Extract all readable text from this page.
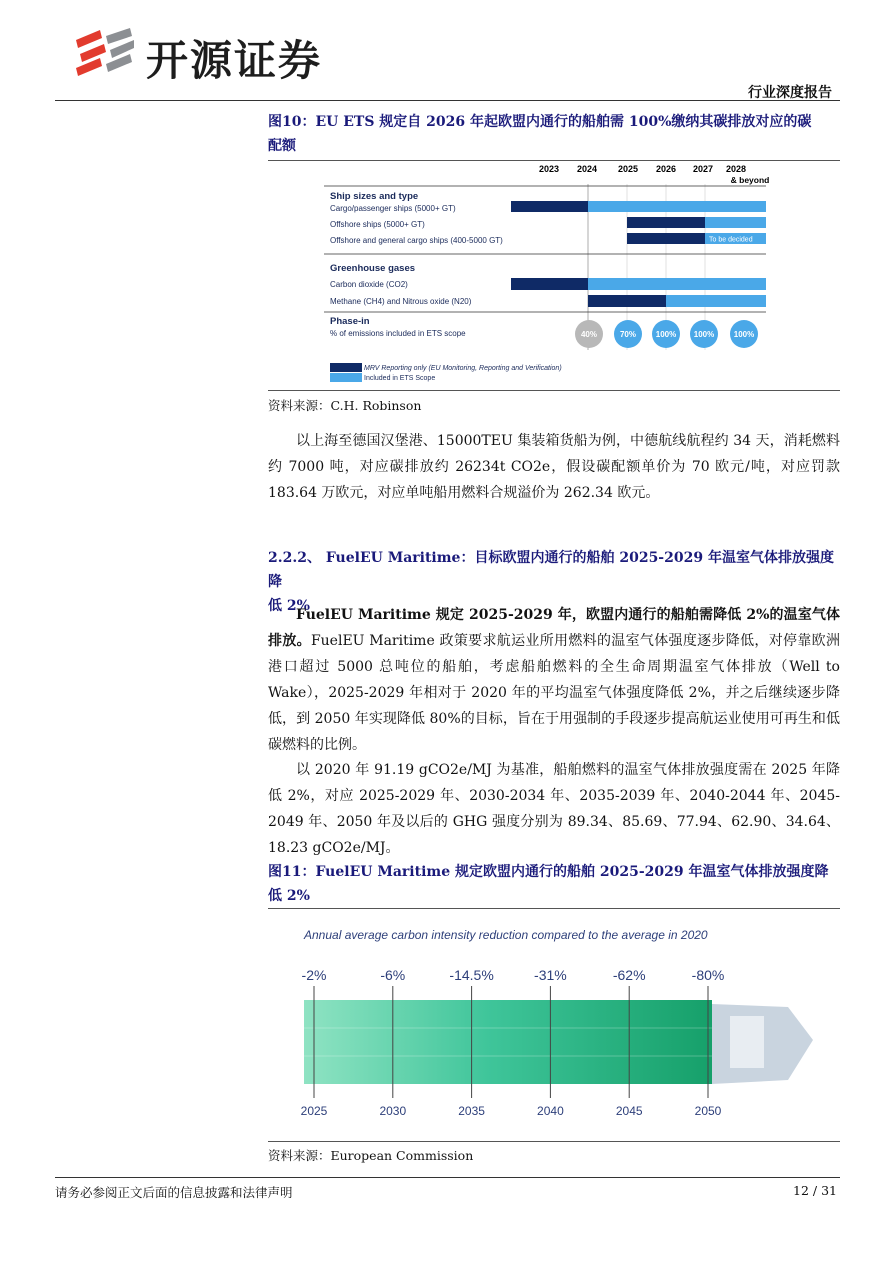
开源证券
行业深度报告
图10：EU ETS 规定自 2026 年起欧盟内通行的船舶需 100%缴纳其碳排放对应的碳
配额
2023 2024 2025 2026 2027 2028
& beyond
Ship sizes and type
Cargo/passenger ships (5000+ GT)
Offshore ships (5000+ GT)
Offshore and general cargo ships (400-5000 GT)	To be decided
Greenhouse gases
Carbon dioxide (CO2)
Methane (CH4) and Nitrous oxide (N20)
Phase-in
% of emissions included in ETS scope	40%	70% 100% 100% 100%
MRV Reporting only (EU Monitoring, Reporting and Verification)
Included in ETS Scope
资料来源：C.H. Robinson
以上海至德国汉堡港、15000TEU 集装箱货船为例，中德航线航程约 34 天，消耗燃料约 7000 吨，对应碳排放约 26234t CO2e，假设碳配额单价为 70 欧元/吨，对应罚款 183.64 万欧元，对应单吨船用燃料合规溢价为 262.34 欧元。
2.2.2、 FuelEU Maritime：目标欧盟内通行的船舶 2025-2029 年温室气体排放强度降
低 2%
FuelEU Maritime 规定 2025-2029 年，欧盟内通行的船舶需降低 2%的温室气体排放。FuelEU Maritime 政策要求航运业所用燃料的温室气体强度逐步降低，对停靠欧洲港口超过 5000 总吨位的船舶，考虑船舶燃料的全生命周期温室气体排放（Well to Wake），2025-2029 年相对于 2020 年的平均温室气体强度降低 2%，并之后继续逐步降低，到 2050 年实现降低 80%的目标，旨在于用强制的手段逐步提高航运业使用可再生和低碳燃料的比例。
以 2020 年 91.19 gCO2e/MJ 为基准，船舶燃料的温室气体排放强度需在 2025 年降低 2%，对应 2025-2029 年、2030-2034 年、2035-2039 年、2040-2044 年、2045-2049 年、2050 年及以后的 GHG 强度分别为 89.34、85.69、77.94、62.90、34.64、18.23 gCO2e/MJ。
图11：FuelEU Maritime 规定欧盟内通行的船舶 2025-2029 年温室气体排放强度降
低 2%
Annual average carbon intensity reduction compared to the average in 2020
-2%
2025
-6%
2030
-14.5%
2035
-31%
2040
-62%
2045
-80%
2050
资料来源：European Commission
请务必参阅正文后面的信息披露和法律声明	12 / 31
